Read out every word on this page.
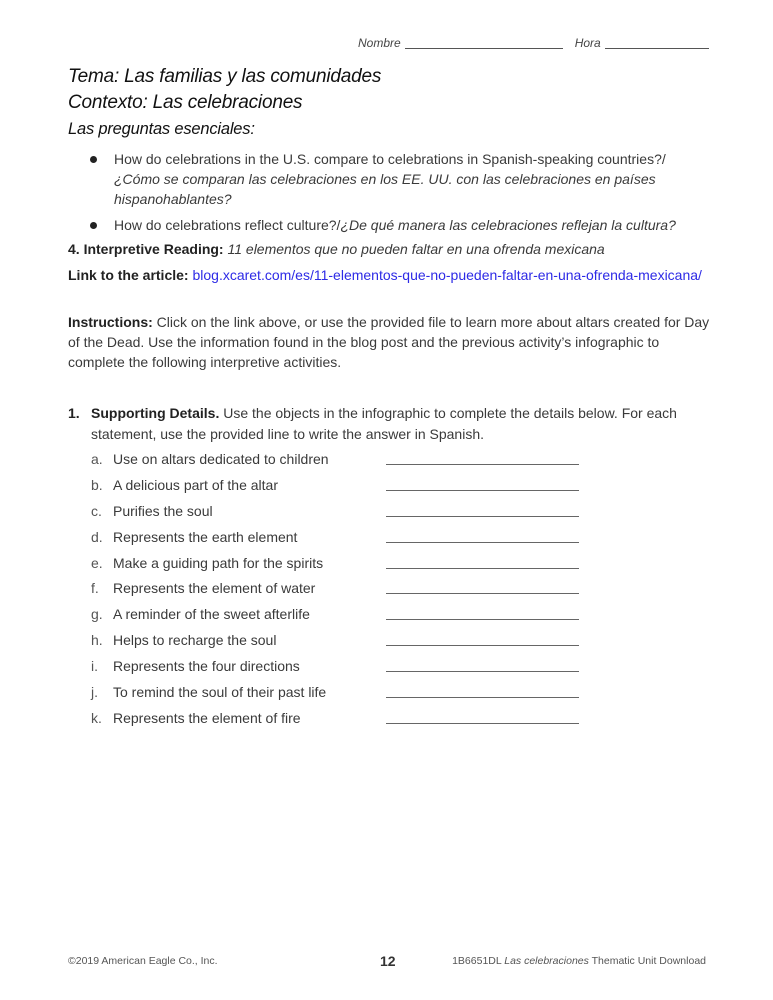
Nombre	Hora
Tema: Las familias y las comunidades
Contexto: Las celebraciones
Las preguntas esenciales:
How do celebrations in the U.S. compare to celebrations in Spanish-speaking countries?/¿Cómo se comparan las celebraciones en los EE. UU. con las celebraciones en países hispanohablantes?
How do celebrations reflect culture?/¿De qué manera las celebraciones reflejan la cultura?
4. Interpretive Reading: 11 elementos que no pueden faltar en una ofrenda mexicana
Link to the article: blog.xcaret.com/es/11-elementos-que-no-pueden-faltar-en-una-ofrenda-mexicana/
Instructions: Click on the link above, or use the provided file to learn more about altars created for Day of the Dead. Use the information found in the blog post and the previous activity’s infographic to complete the following interpretive activities.
1. Supporting Details. Use the objects in the infographic to complete the details below. For each statement, use the provided line to write the answer in Spanish.
a. Use on altars dedicated to children
b. A delicious part of the altar
c. Purifies the soul
d. Represents the earth element
e. Make a guiding path for the spirits
f.	Represents the element of water
g. A reminder of the sweet afterlife
h. Helps to recharge the soul
i.	Represents the four directions
j.	To remind the soul of their past life
k. Represents the element of fire
©2019 American Eagle Co., Inc.	12	1B6651DL Las celebraciones Thematic Unit Download
